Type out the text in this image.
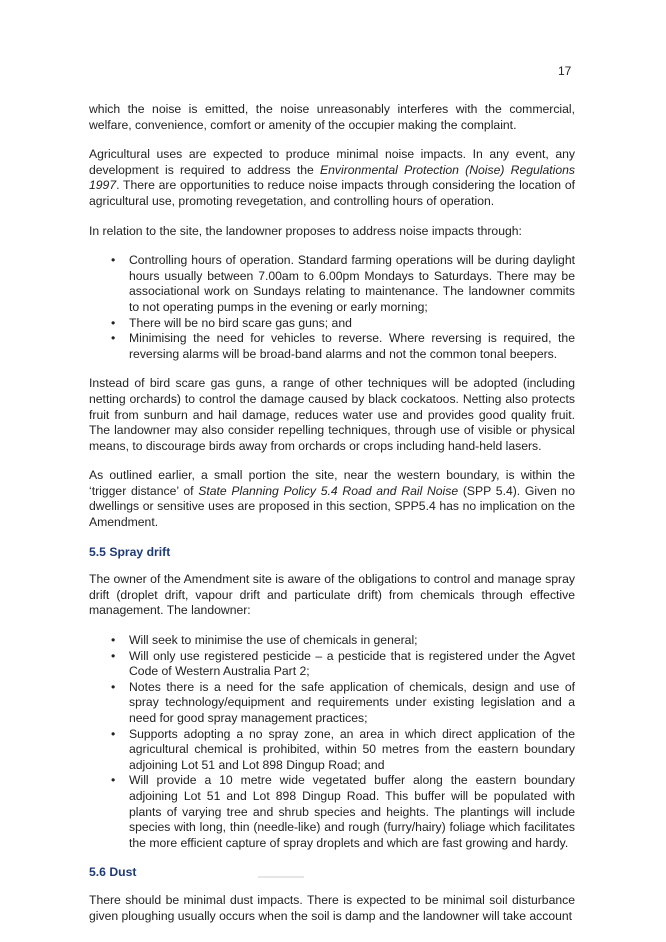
17

which the noise is emitted, the noise unreasonably interferes with the commercial, welfare, convenience, comfort or amenity of the occupier making the complaint.

Agricultural uses are expected to produce minimal noise impacts. In any event, any development is required to address the Environmental Protection (Noise) Regulations 1997. There are opportunities to reduce noise impacts through considering the location of agricultural use, promoting revegetation, and controlling hours of operation.

In relation to the site, the landowner proposes to address noise impacts through:

• Controlling hours of operation. Standard farming operations will be during daylight hours usually between 7.00am to 6.00pm Mondays to Saturdays. There may be associational work on Sundays relating to maintenance. The landowner commits to not operating pumps in the evening or early morning;
• There will be no bird scare gas guns; and
• Minimising the need for vehicles to reverse. Where reversing is required, the reversing alarms will be broad-band alarms and not the common tonal beepers.

Instead of bird scare gas guns, a range of other techniques will be adopted (including netting orchards) to control the damage caused by black cockatoos. Netting also protects fruit from sunburn and hail damage, reduces water use and provides good quality fruit. The landowner may also consider repelling techniques, through use of visible or physical means, to discourage birds away from orchards or crops including hand-held lasers.

As outlined earlier, a small portion the site, near the western boundary, is within the ‘trigger distance’ of State Planning Policy 5.4 Road and Rail Noise (SPP 5.4). Given no dwellings or sensitive uses are proposed in this section, SPP5.4 has no implication on the Amendment.

5.5 Spray drift

The owner of the Amendment site is aware of the obligations to control and manage spray drift (droplet drift, vapour drift and particulate drift) from chemicals through effective management. The landowner:

• Will seek to minimise the use of chemicals in general;
• Will only use registered pesticide – a pesticide that is registered under the Agvet Code of Western Australia Part 2;
• Notes there is a need for the safe application of chemicals, design and use of spray technology/equipment and requirements under existing legislation and a need for good spray management practices;
• Supports adopting a no spray zone, an area in which direct application of the agricultural chemical is prohibited, within 50 metres from the eastern boundary adjoining Lot 51 and Lot 898 Dingup Road; and
• Will provide a 10 metre wide vegetated buffer along the eastern boundary adjoining Lot 51 and Lot 898 Dingup Road. This buffer will be populated with plants of varying tree and shrub species and heights. The plantings will include species with long, thin (needle-like) and rough (furry/hairy) foliage which facilitates the more efficient capture of spray droplets and which are fast growing and hardy.
5.6 Dust

There should be minimal dust impacts. There is expected to be minimal soil disturbance given ploughing usually occurs when the soil is damp and the landowner will take account
